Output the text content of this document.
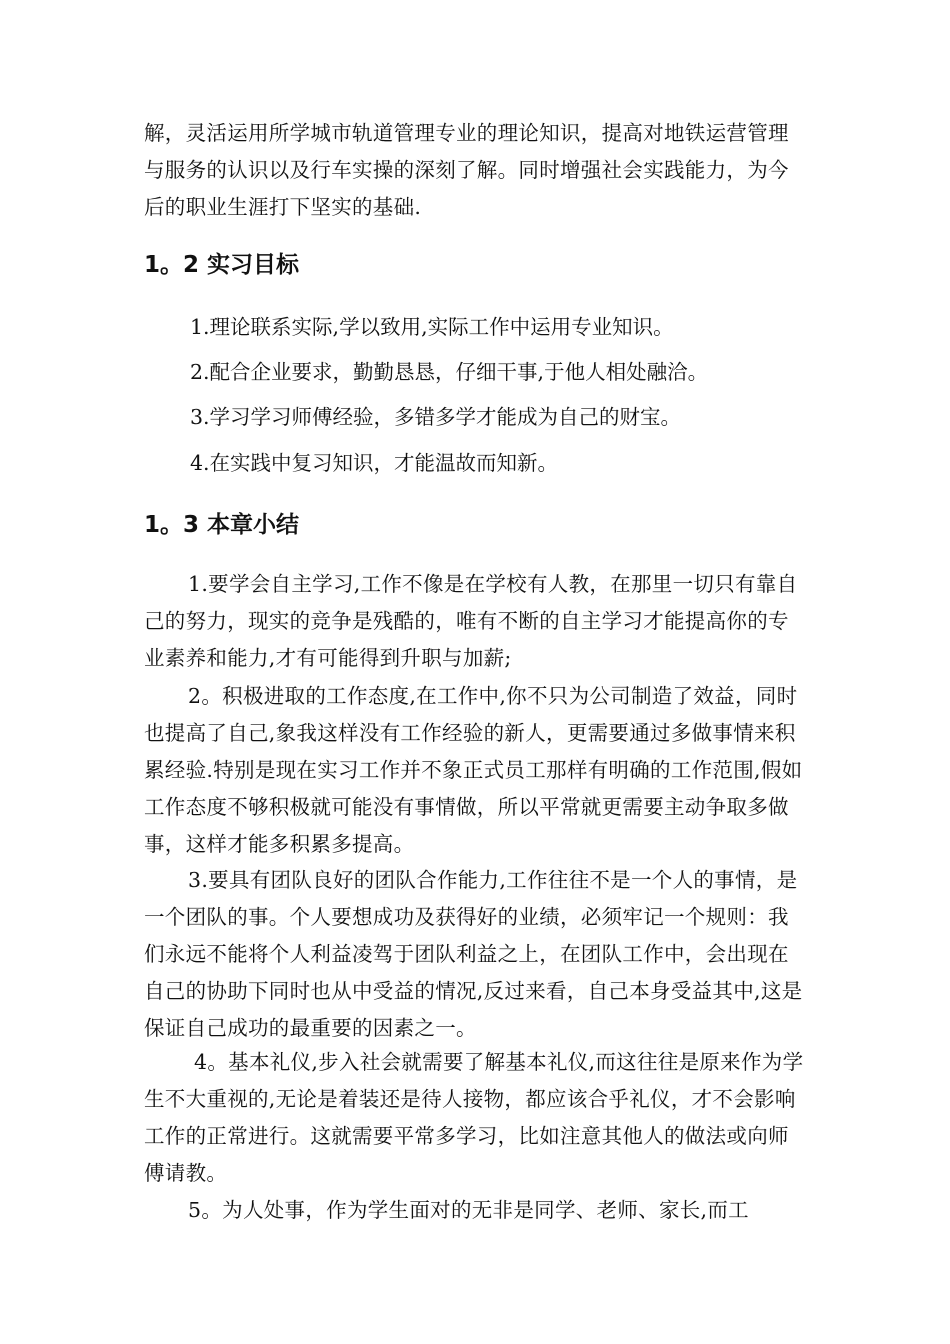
解，灵活运用所学城市轨道管理专业的理论知识，提高对地铁运营管理与服务的认识以及行车实操的深刻了解。同时增强社会实践能力，为今后的职业生涯打下坚实的基础.

1。2 实习目标

1.理论联系实际,学以致用,实际工作中运用专业知识。

2.配合企业要求，勤勤恳恳，仔细干事,于他人相处融洽。

3.学习学习师傅经验，多错多学才能成为自己的财宝。

4.在实践中复习知识，才能温故而知新。

1。3 本章小结

1.要学会自主学习,工作不像是在学校有人教，在那里一切只有靠自己的努力，现实的竞争是残酷的，唯有不断的自主学习才能提高你的专业素养和能力,才有可能得到升职与加薪;

2。积极进取的工作态度,在工作中,你不只为公司制造了效益，同时也提高了自己,象我这样没有工作经验的新人，更需要通过多做事情来积累经验.特别是现在实习工作并不象正式员工那样有明确的工作范围,假如工作态度不够积极就可能没有事情做，所以平常就更需要主动争取多做事，这样才能多积累多提高。

3.要具有团队良好的团队合作能力,工作往往不是一个人的事情，是一个团队的事。个人要想成功及获得好的业绩，必须牢记一个规则：我们永远不能将个人利益凌驾于团队利益之上，在团队工作中，会出现在自己的协助下同时也从中受益的情况,反过来看，自己本身受益其中,这是保证自己成功的最重要的因素之一。

4。基本礼仪,步入社会就需要了解基本礼仪,而这往往是原来作为学生不大重视的,无论是着装还是待人接物，都应该合乎礼仪，才不会影响工作的正常进行。这就需要平常多学习，比如注意其他人的做法或向师傅请教。

5。为人处事，作为学生面对的无非是同学、老师、家长,而工
